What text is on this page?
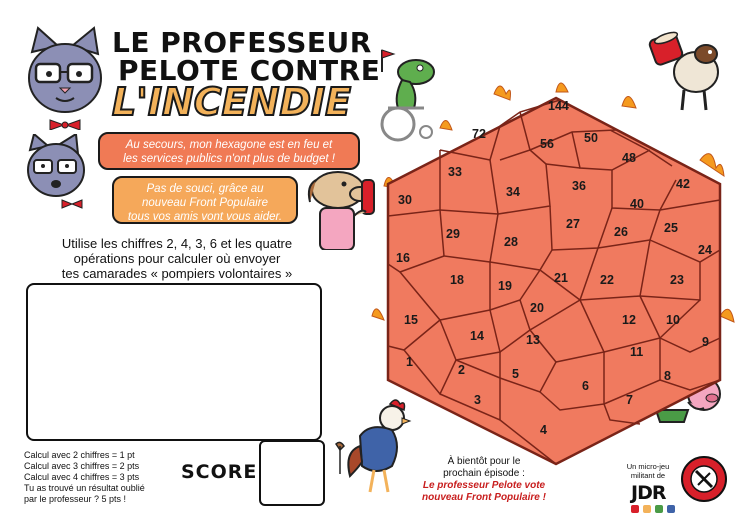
LE PROFESSEUR
PELOTE CONTRE
L'INCENDIE
Au secours, mon hexagone est en feu et
les services publics n'ont plus de budget !
Pas de souci, grâce au
nouveau Front Populaire
tous vos amis vont vous aider.
Utilise les chiffres 2, 4, 3, 6 et les quatre
opérations pour calculer où envoyer
tes camarades « pompiers volontaires »
Calcul avec 2 chiffres = 1 pt
Calcul avec 3 chiffres = 2 pts
Calcul avec 4 chiffres = 3 pts
Tu as trouvé un résultat oublié
par le professeur ? 5 pts !
SCORE	À bientôt pour le
prochain épisode :
Le professeur Pelote vote
nouveau Front Populaire !
Un micro-jeu
militant de
JDR
144
72
56 50
48
42
33
34	36
40
30
27
26	25
29
28
24
16
18	19
21	22	23
20
15
14	13
12 10
9
11
1
2	5
6
8
3	7
4
